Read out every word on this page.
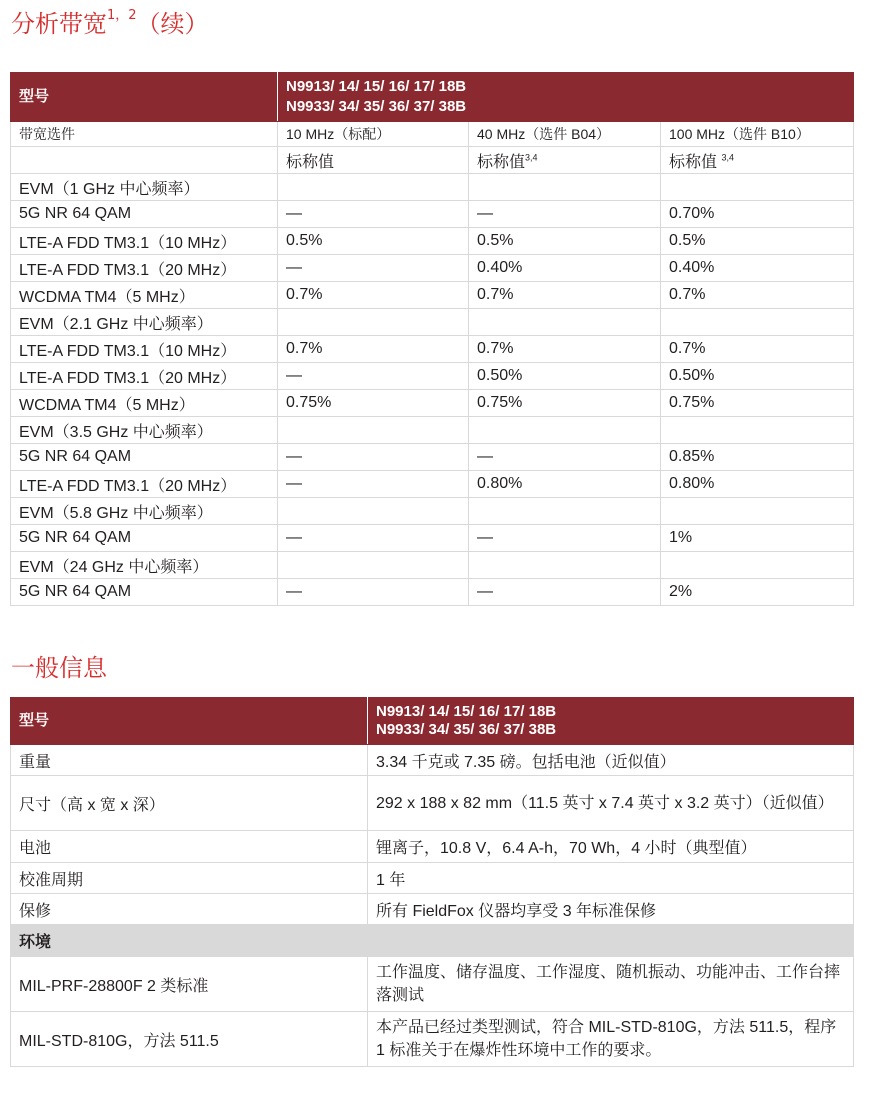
分析带宽$^{1,2}$（续）
型号	N9913/ 14/ 15/ 16/ 17/ 18B
N9933/ 34/ 35/ 36/ 37/ 38B		

带宽选件	10 MHz（标配）	40 MHz（选件 B04）	100 MHz（选件 B10）
	标称值	标称值$^{3,4}$	标称值 $^{3,4}$
EVM（1 GHz 中心频率）			
5G NR 64 QAM	—	—	0.70%
LTE-A FDD TM3.1（10 MHz）	0.5%	0.5%	0.5%
LTE-A FDD TM3.1（20 MHz）	—	0.40%	0.40%
WCDMA TM4（5 MHz）	0.7%	0.7%	0.7%
EVM（2.1 GHz 中心频率）			
LTE-A FDD TM3.1（10 MHz）	0.7%	0.7%	0.7%
LTE-A FDD TM3.1（20 MHz）	—	0.50%	0.50%
WCDMA TM4（5 MHz）	0.75%	0.75%	0.75%
EVM（3.5 GHz 中心频率）			
5G NR 64 QAM	—	—	0.85%
LTE-A FDD TM3.1（20 MHz）	—	0.80%	0.80%
EVM（5.8 GHz 中心频率）			
5G NR 64 QAM	—	—	1%
EVM（24 GHz 中心频率）			
5G NR 64 QAM	—	—	2%
一般信息
型号	N9913/ 14/ 15/ 16/ 17/ 18B
N9933/ 34/ 35/ 36/ 37/ 38B

重量	3.34 千克或 7.35 磅。包括电池（近似值）
尺寸（高 x 宽 x 深）	292 x 188 x 82 mm（11.5 英寸 x 7.4 英寸 x 3.2 英寸）（近似值）
电池	锂离子，10.8 V，6.4 A-h，70 Wh，4 小时（典型值）
校准周期	1 年
保修	所有 FieldFox 仪器均享受 3 年标准保修
环境	
MIL-PRF-28800F 2 类标准	工作温度、储存温度、工作湿度、随机振动、功能冲击、工作台摔落测试
MIL-STD-810G，方法 511.5	本产品已经过类型测试，符合 MIL-STD-810G，方法 511.5，程序 1 标准关于在爆炸性环境中工作的要求。
